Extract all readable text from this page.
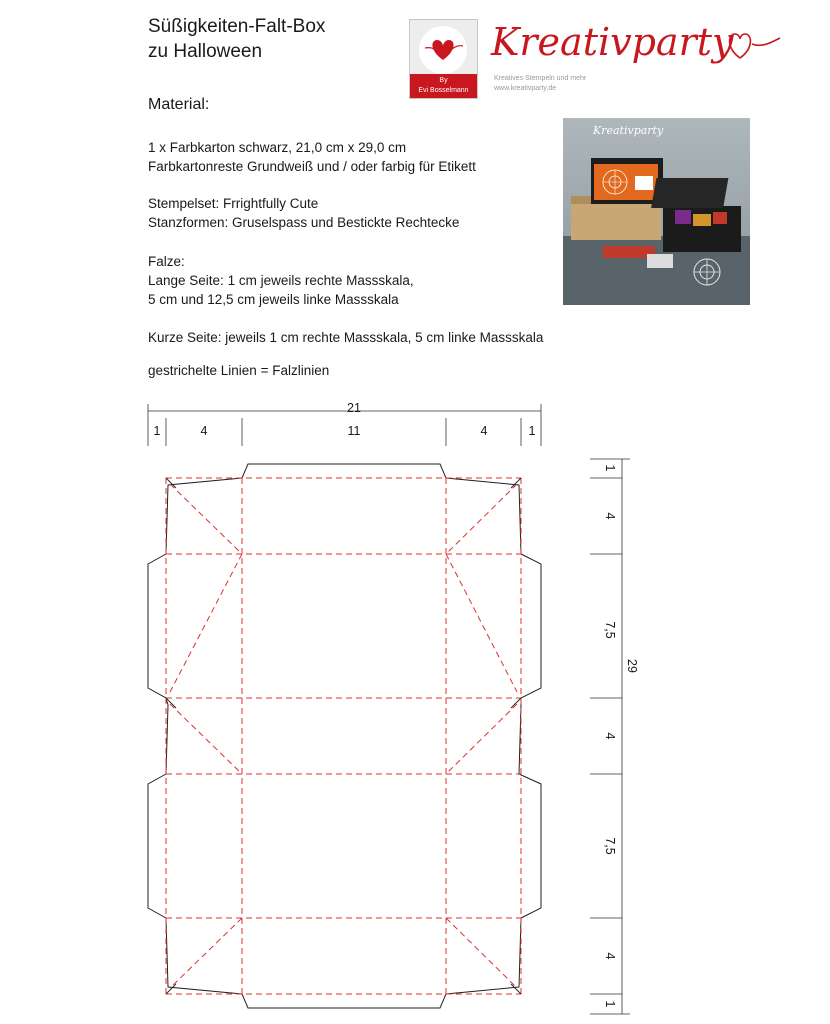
Süßigkeiten-Falt-Box
zu Halloween
By
Evi Bosselmann
Kreativparty
Kreatives Stempeln und mehr
www.kreativparty.de
Material:
1 x Farbkarton schwarz, 21,0 cm x 29,0 cm
Farbkartonreste Grundweiß und / oder farbig für Etikett
Stempelset: Frrightfully Cute
Stanzformen: Gruselspass und Bestickte Rechtecke
Falze:
Lange Seite: 1 cm jeweils rechte Massskala,
5 cm und 12,5 cm jeweils linke Massskala
Kurze Seite: jeweils 1 cm rechte Massskala, 5 cm linke Massskala
gestrichelte Linien = Falzlinien
Kreativparty
21
1	4	11	4	1
1
4
7,5
4
7,5
4
1
29
